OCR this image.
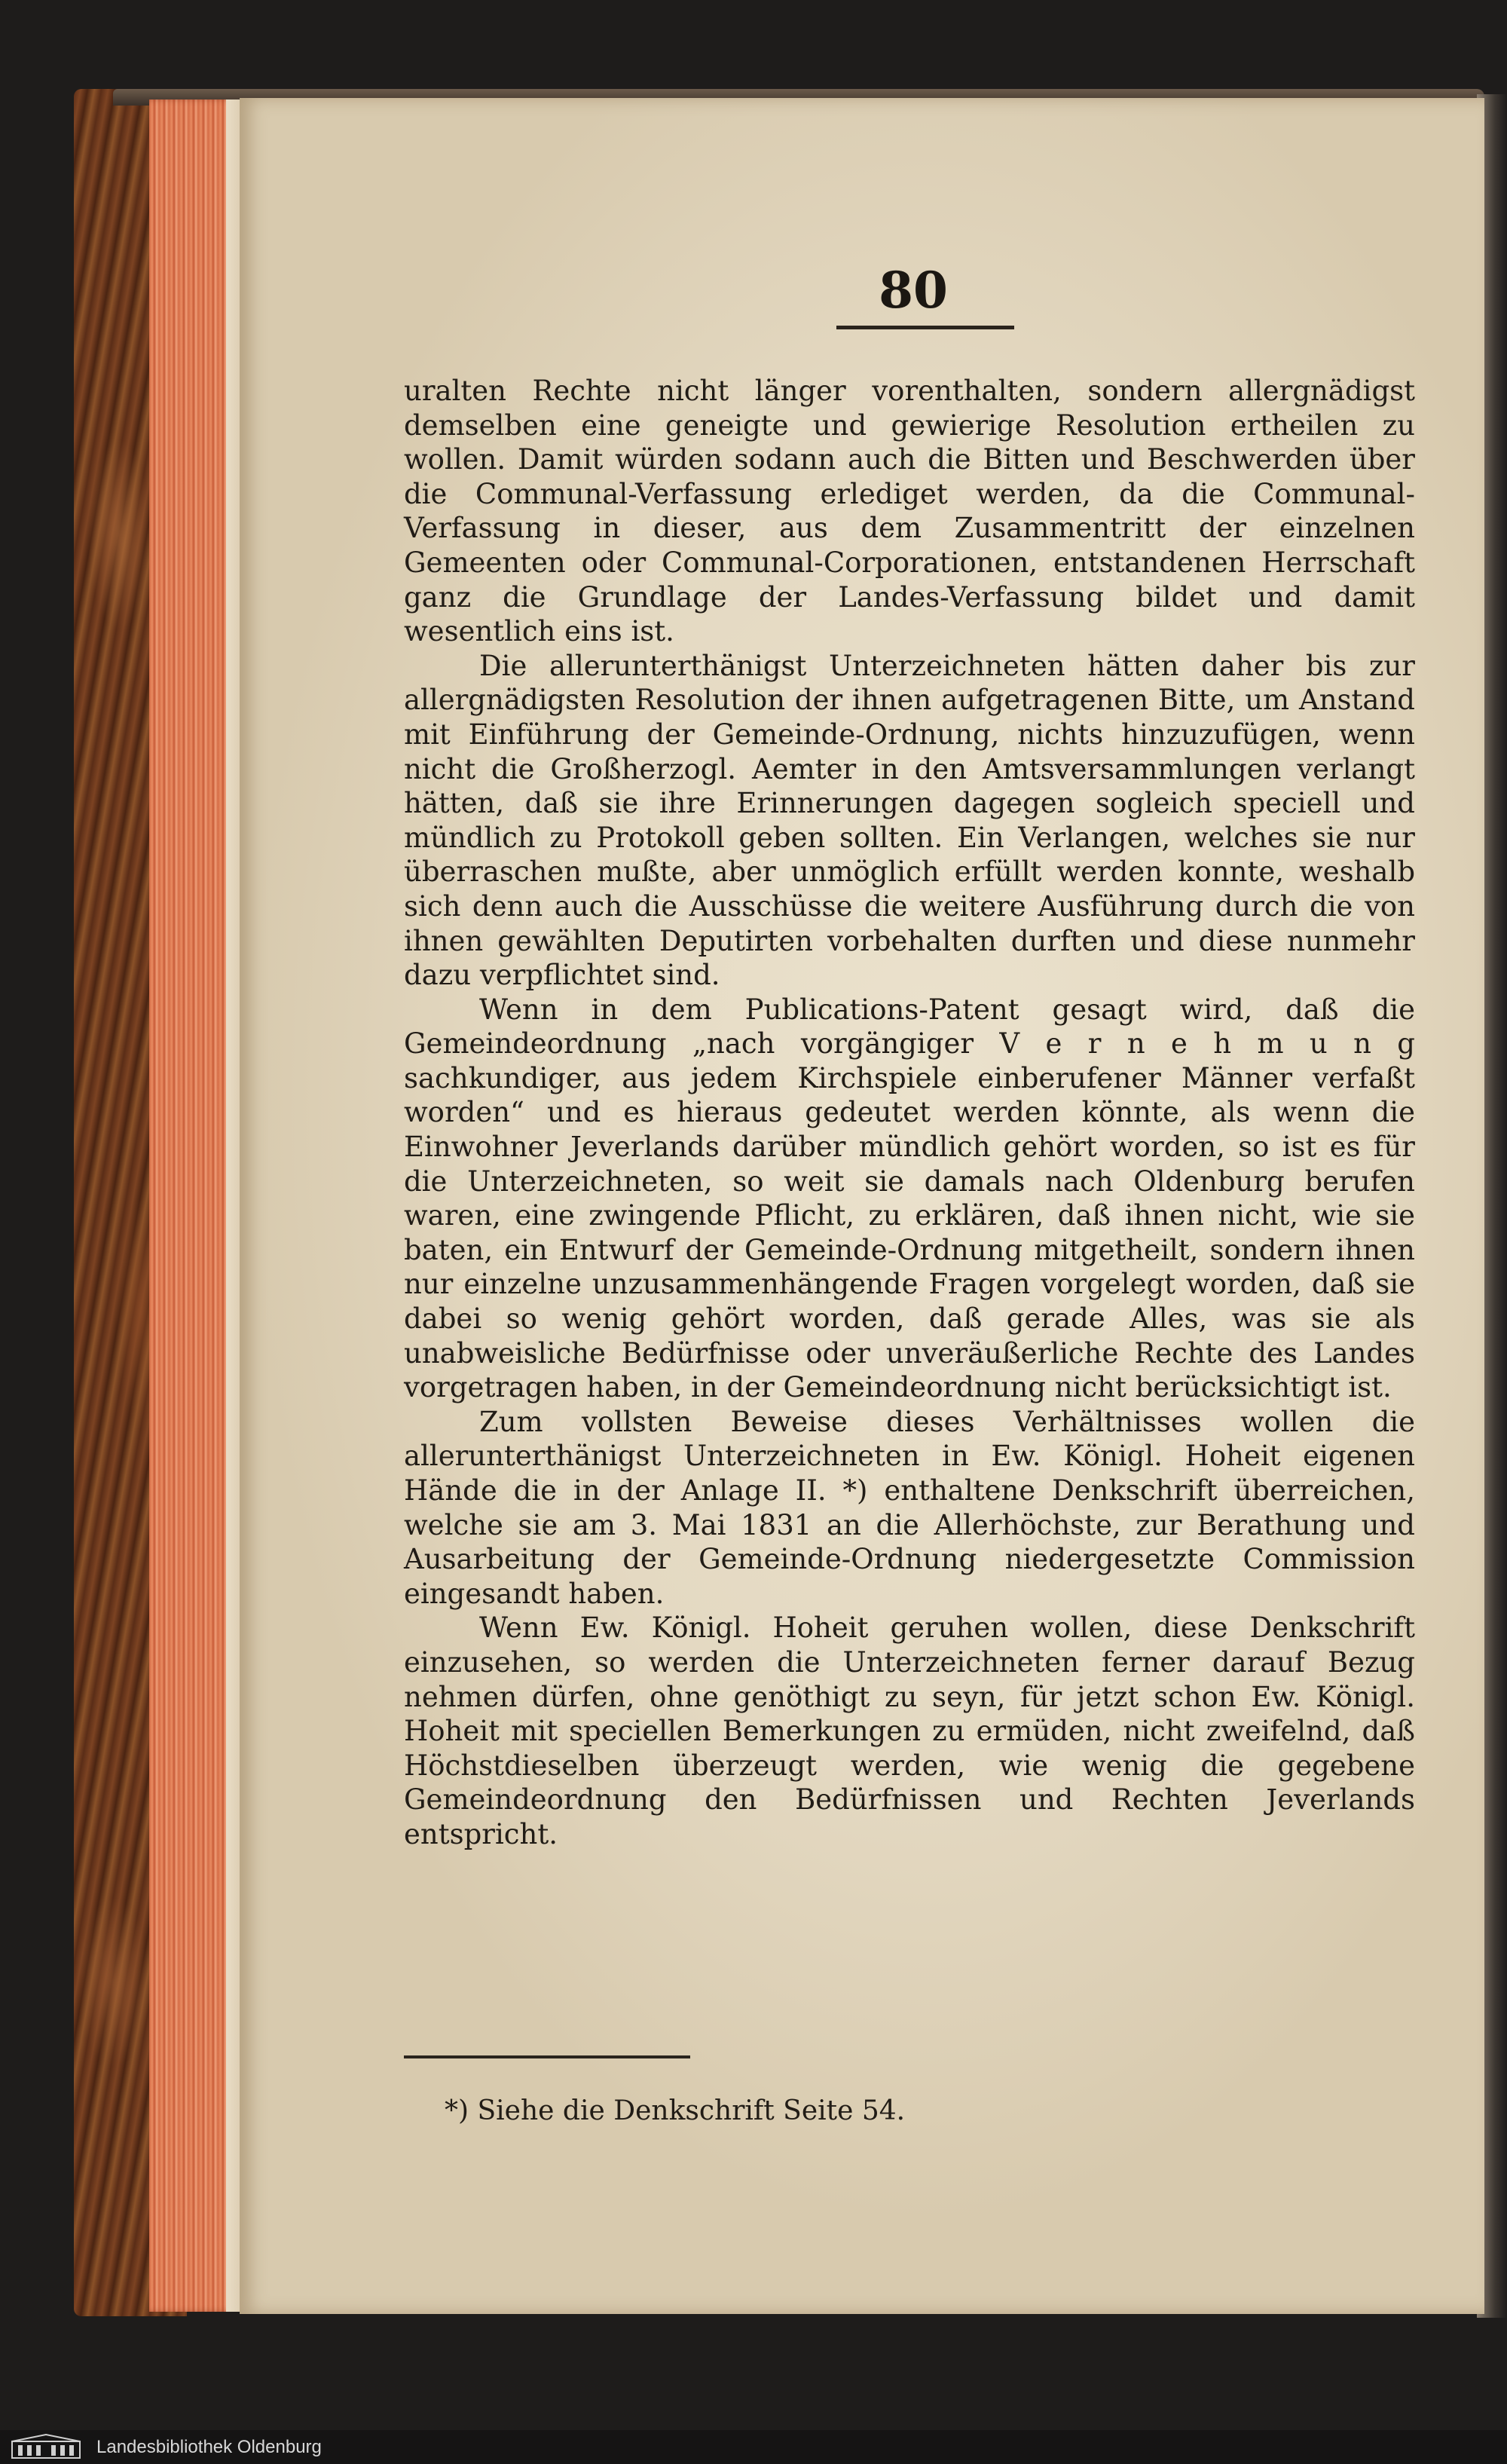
80

uralten Rechte nicht länger vorenthalten, sondern allergnädigst demselben eine geneigte und gewierige Resolution ertheilen zu wollen. Damit würden sodann auch die Bitten und Beschwerden über die Communal-Verfassung erlediget werden, da die Communal-Verfassung in dieser, aus dem Zusammentritt der einzelnen Gemeenten oder Communal-Corporationen, entstandenen Herrschaft ganz die Grundlage der Landes-Verfassung bildet und damit wesentlich eins ist.

Die allerunterthänigst Unterzeichneten hätten daher bis zur allergnädigsten Resolution der ihnen aufgetragenen Bitte, um Anstand mit Einführung der Gemeinde-Ordnung, nichts hinzuzufügen, wenn nicht die Großherzogl. Aemter in den Amtsversammlungen verlangt hätten, daß sie ihre Erinnerungen dagegen sogleich speciell und mündlich zu Protokoll geben sollten. Ein Verlangen, welches sie nur überraschen mußte, aber unmöglich erfüllt werden konnte, weshalb sich denn auch die Ausschüsse die weitere Ausführung durch die von ihnen gewählten Deputirten vorbehalten durften und diese nunmehr dazu verpflichtet sind.

Wenn in dem Publications-Patent gesagt wird, daß die Gemeindeordnung „nach vorgängiger V e r n e h m u n g sachkundiger, aus jedem Kirchspiele einberufener Männer verfaßt worden“ und es hieraus gedeutet werden könnte, als wenn die Einwohner Jeverlands darüber mündlich gehört worden, so ist es für die Unterzeichneten, so weit sie damals nach Oldenburg berufen waren, eine zwingende Pflicht, zu erklären, daß ihnen nicht, wie sie baten, ein Entwurf der Gemeinde-Ordnung mitgetheilt, sondern ihnen nur einzelne unzusammenhängende Fragen vorgelegt worden, daß sie dabei so wenig gehört worden, daß gerade Alles, was sie als unabweisliche Bedürfnisse oder unveräußerliche Rechte des Landes vorgetragen haben, in der Gemeindeordnung nicht berücksichtigt ist.

Zum vollsten Beweise dieses Verhältnisses wollen die allerunterthänigst Unterzeichneten in Ew. Königl. Hoheit eigenen Hände die in der Anlage II. *) enthaltene Denkschrift überreichen, welche sie am 3. Mai 1831 an die Allerhöchste, zur Berathung und Ausarbeitung der Gemeinde-Ordnung niedergesetzte Commission eingesandt haben.

Wenn Ew. Königl. Hoheit geruhen wollen, diese Denkschrift einzusehen, so werden die Unterzeichneten ferner darauf Bezug nehmen dürfen, ohne genöthigt zu seyn, für jetzt schon Ew. Königl. Hoheit mit speciellen Bemerkungen zu ermüden, nicht zweifelnd, daß Höchstdieselben überzeugt werden, wie wenig die gegebene Gemeindeordnung den Bedürfnissen und Rechten Jeverlands entspricht.

*) Siehe die Denkschrift Seite 54.

Landesbibliothek Oldenburg
